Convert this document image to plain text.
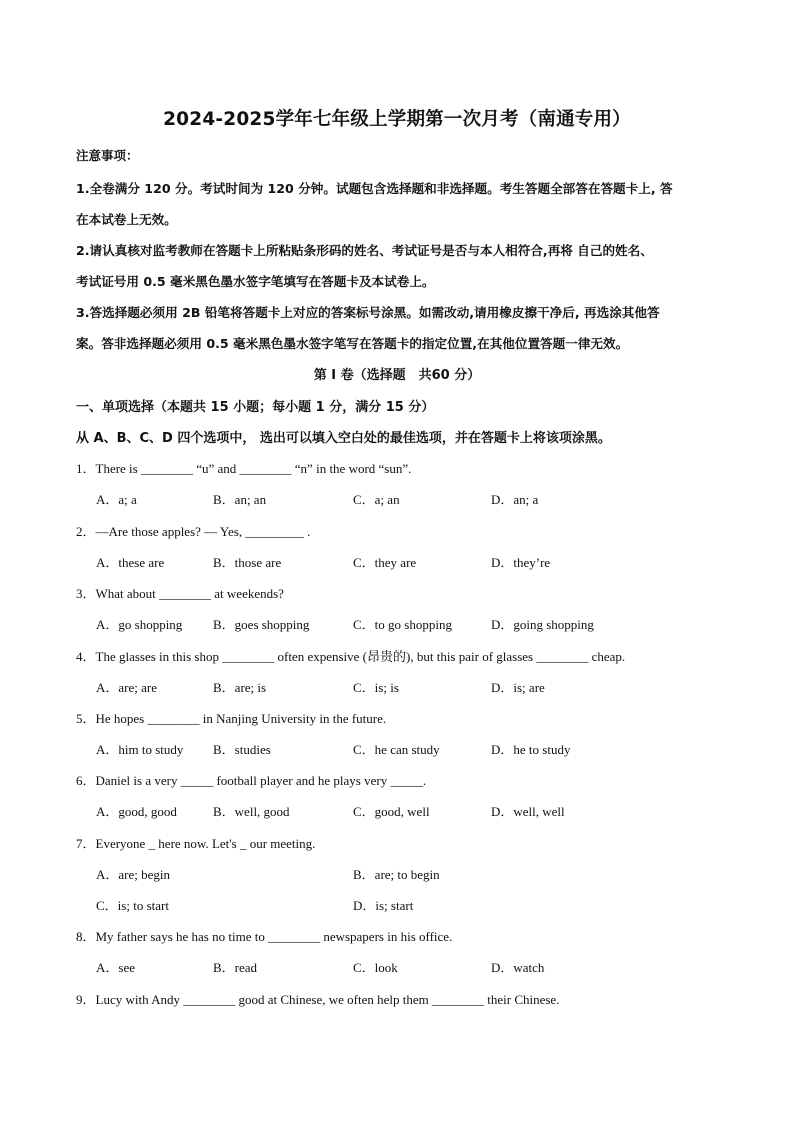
2024-2025学年七年级上学期第一次月考（南通专用）
注意事项：
1.全卷满分 120 分。考试时间为 120 分钟。试题包含选择题和非选择题。考生答题全部答在答题卡上, 答
在本试卷上无效。
2.请认真核对监考教师在答题卡上所粘贴条形码的姓名、考试证号是否与本人相符合,再将 自己的姓名、
考试证号用 0.5 毫米黑色墨水签字笔填写在答题卡及本试卷上。
3.答选择题必须用 2B 铅笔将答题卡上对应的答案标号涂黑。如需改动,请用橡皮擦干净后, 再选涂其他答
案。答非选择题必须用 0.5 毫米黑色墨水签字笔写在答题卡的指定位置,在其他位置答题一律无效。
第 I 卷（选择题　共60 分）
一、单项选择（本题共 15 小题；每小题 1 分，满分 15 分）
从 A、B、C、D 四个选项中， 选出可以填入空白处的最佳选项，并在答题卡上将该项涂黑。
1．There is ________ “u” and ________ “n” in the word “sun”.
A．a; a	B．an; an	C．a; an	D．an; a
2．—Are those apples? — Yes, _________ .
A．these are	B．those are	C．they are	D．they’re
3．What about ________ at weekends?
A．go shopping B．goes shopping	C．to go shopping	D．going shopping
4．The glasses in this shop ________ often expensive (昂贵的), but this pair of glasses ________ cheap.
A．are; are	B．are; is	C．is; is	D．is; are
5．He hopes ________ in Nanjing University in the future.
A．him to study B．studies	C．he can study	D．he to study
6．Daniel is a very _____ football player and he plays very _____.
A．good, good	B．well, good	C．good, well	D．well, well
7．Everyone _ here now. Let's _ our meeting.
A．are; begin	B．are; to begin
C．is; to start	D．is; start
8．My father says he has no time to ________ newspapers in his office.
A．see	B．read	C．look	D．watch
9．Lucy with Andy ________ good at Chinese, we often help them ________ their Chinese.
